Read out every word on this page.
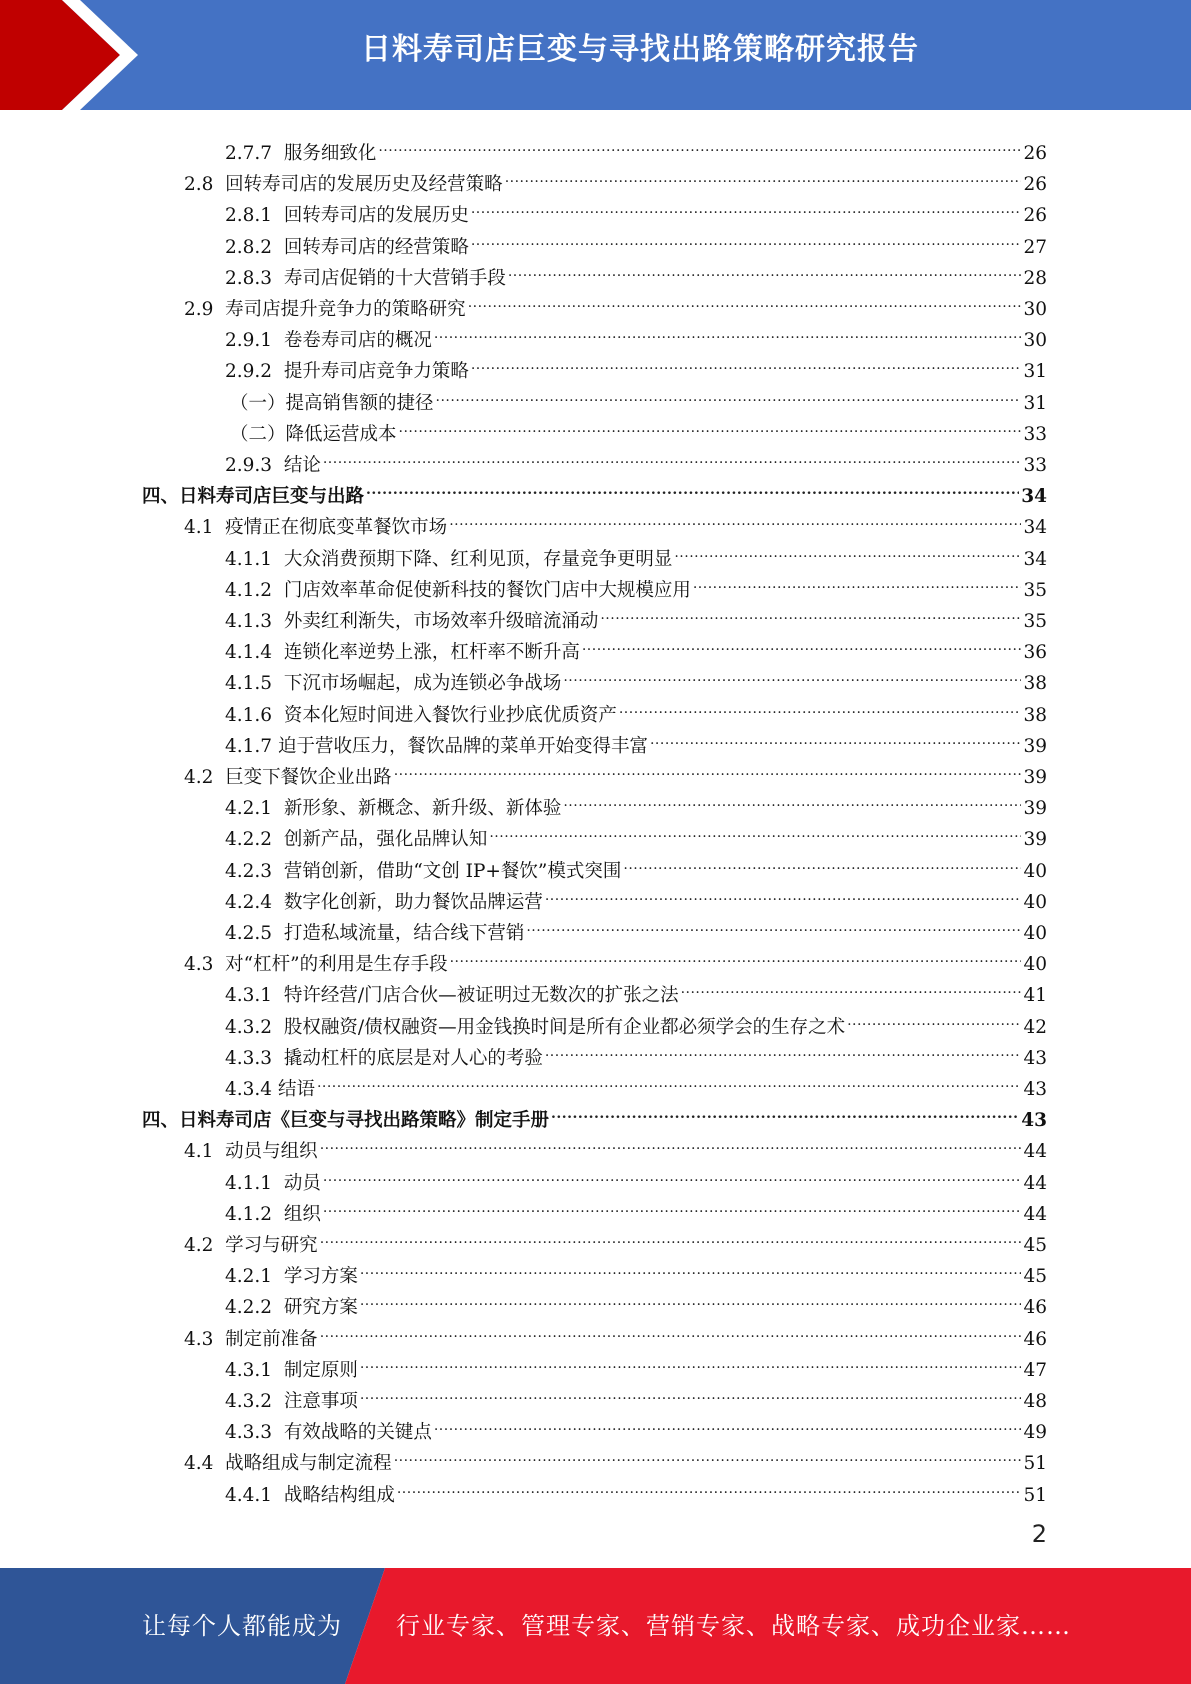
日料寿司店巨变与寻找出路策略研究报告
2.7.7  服务细致化 .....	26
2.8  回转寿司店的发展历史及经营策略 .....	26
2.8.1  回转寿司店的发展历史 .....	26
2.8.2  回转寿司店的经营策略 .....	27
2.8.3  寿司店促销的十大营销手段 .....	28
2.9  寿司店提升竞争力的策略研究 .....	30
2.9.1  卷卷寿司店的概况 .....	30
2.9.2  提升寿司店竞争力策略 .....	31
（一）提高销售额的捷径 .....	31
（二）降低运营成本 .....	33
2.9.3  结论 .....	33
四、日料寿司店巨变与出路 .....	34
4.1  疫情正在彻底变革餐饮市场 .....	34
4.1.1  大众消费预期下降、红利见顶，存量竞争更明显 .....	34
4.1.2  门店效率革命促使新科技的餐饮门店中大规模应用 .....	35
4.1.3  外卖红利渐失，市场效率升级暗流涌动 .....	35
4.1.4  连锁化率逆势上涨，杠杆率不断升高 .....	36
4.1.5  下沉市场崛起，成为连锁必争战场 .....	38
4.1.6  资本化短时间进入餐饮行业抄底优质资产 .....	38
4.1.7 迫于营收压力，餐饮品牌的菜单开始变得丰富 .....	39
4.2  巨变下餐饮企业出路 .....	39
4.2.1  新形象、新概念、新升级、新体验 .....	39
4.2.2  创新产品，强化品牌认知 .....	39
4.2.3  营销创新，借助“文创 IP+餐饮”模式突围 .....	40
4.2.4  数字化创新，助力餐饮品牌运营 .....	40
4.2.5  打造私域流量，结合线下营销 .....	40
4.3  对“杠杆”的利用是生存手段 .....	40
4.3.1  特许经营/门店合伙—被证明过无数次的扩张之法 .....	41
4.3.2  股权融资/债权融资—用金钱换时间是所有企业都必须学会的生存之术 .....	42
4.3.3  撬动杠杆的底层是对人心的考验 .....	43
4.3.4 结语 .....	43
四、日料寿司店《巨变与寻找出路策略》制定手册 .....	43
4.1  动员与组织 .....	44
4.1.1  动员 .....	44
4.1.2  组织 .....	44
4.2  学习与研究 .....	45
4.2.1  学习方案 .....	45
4.2.2  研究方案 .....	46
4.3  制定前准备 .....	46
4.3.1  制定原则 .....	47
4.3.2  注意事项 .....	48
4.3.3  有效战略的关键点 .....	49
4.4  战略组成与制定流程 .....	51
4.4.1  战略结构组成 .....	51
2
让每个人都能成为 行业专家、管理专家、营销专家、战略专家、成功企业家……
